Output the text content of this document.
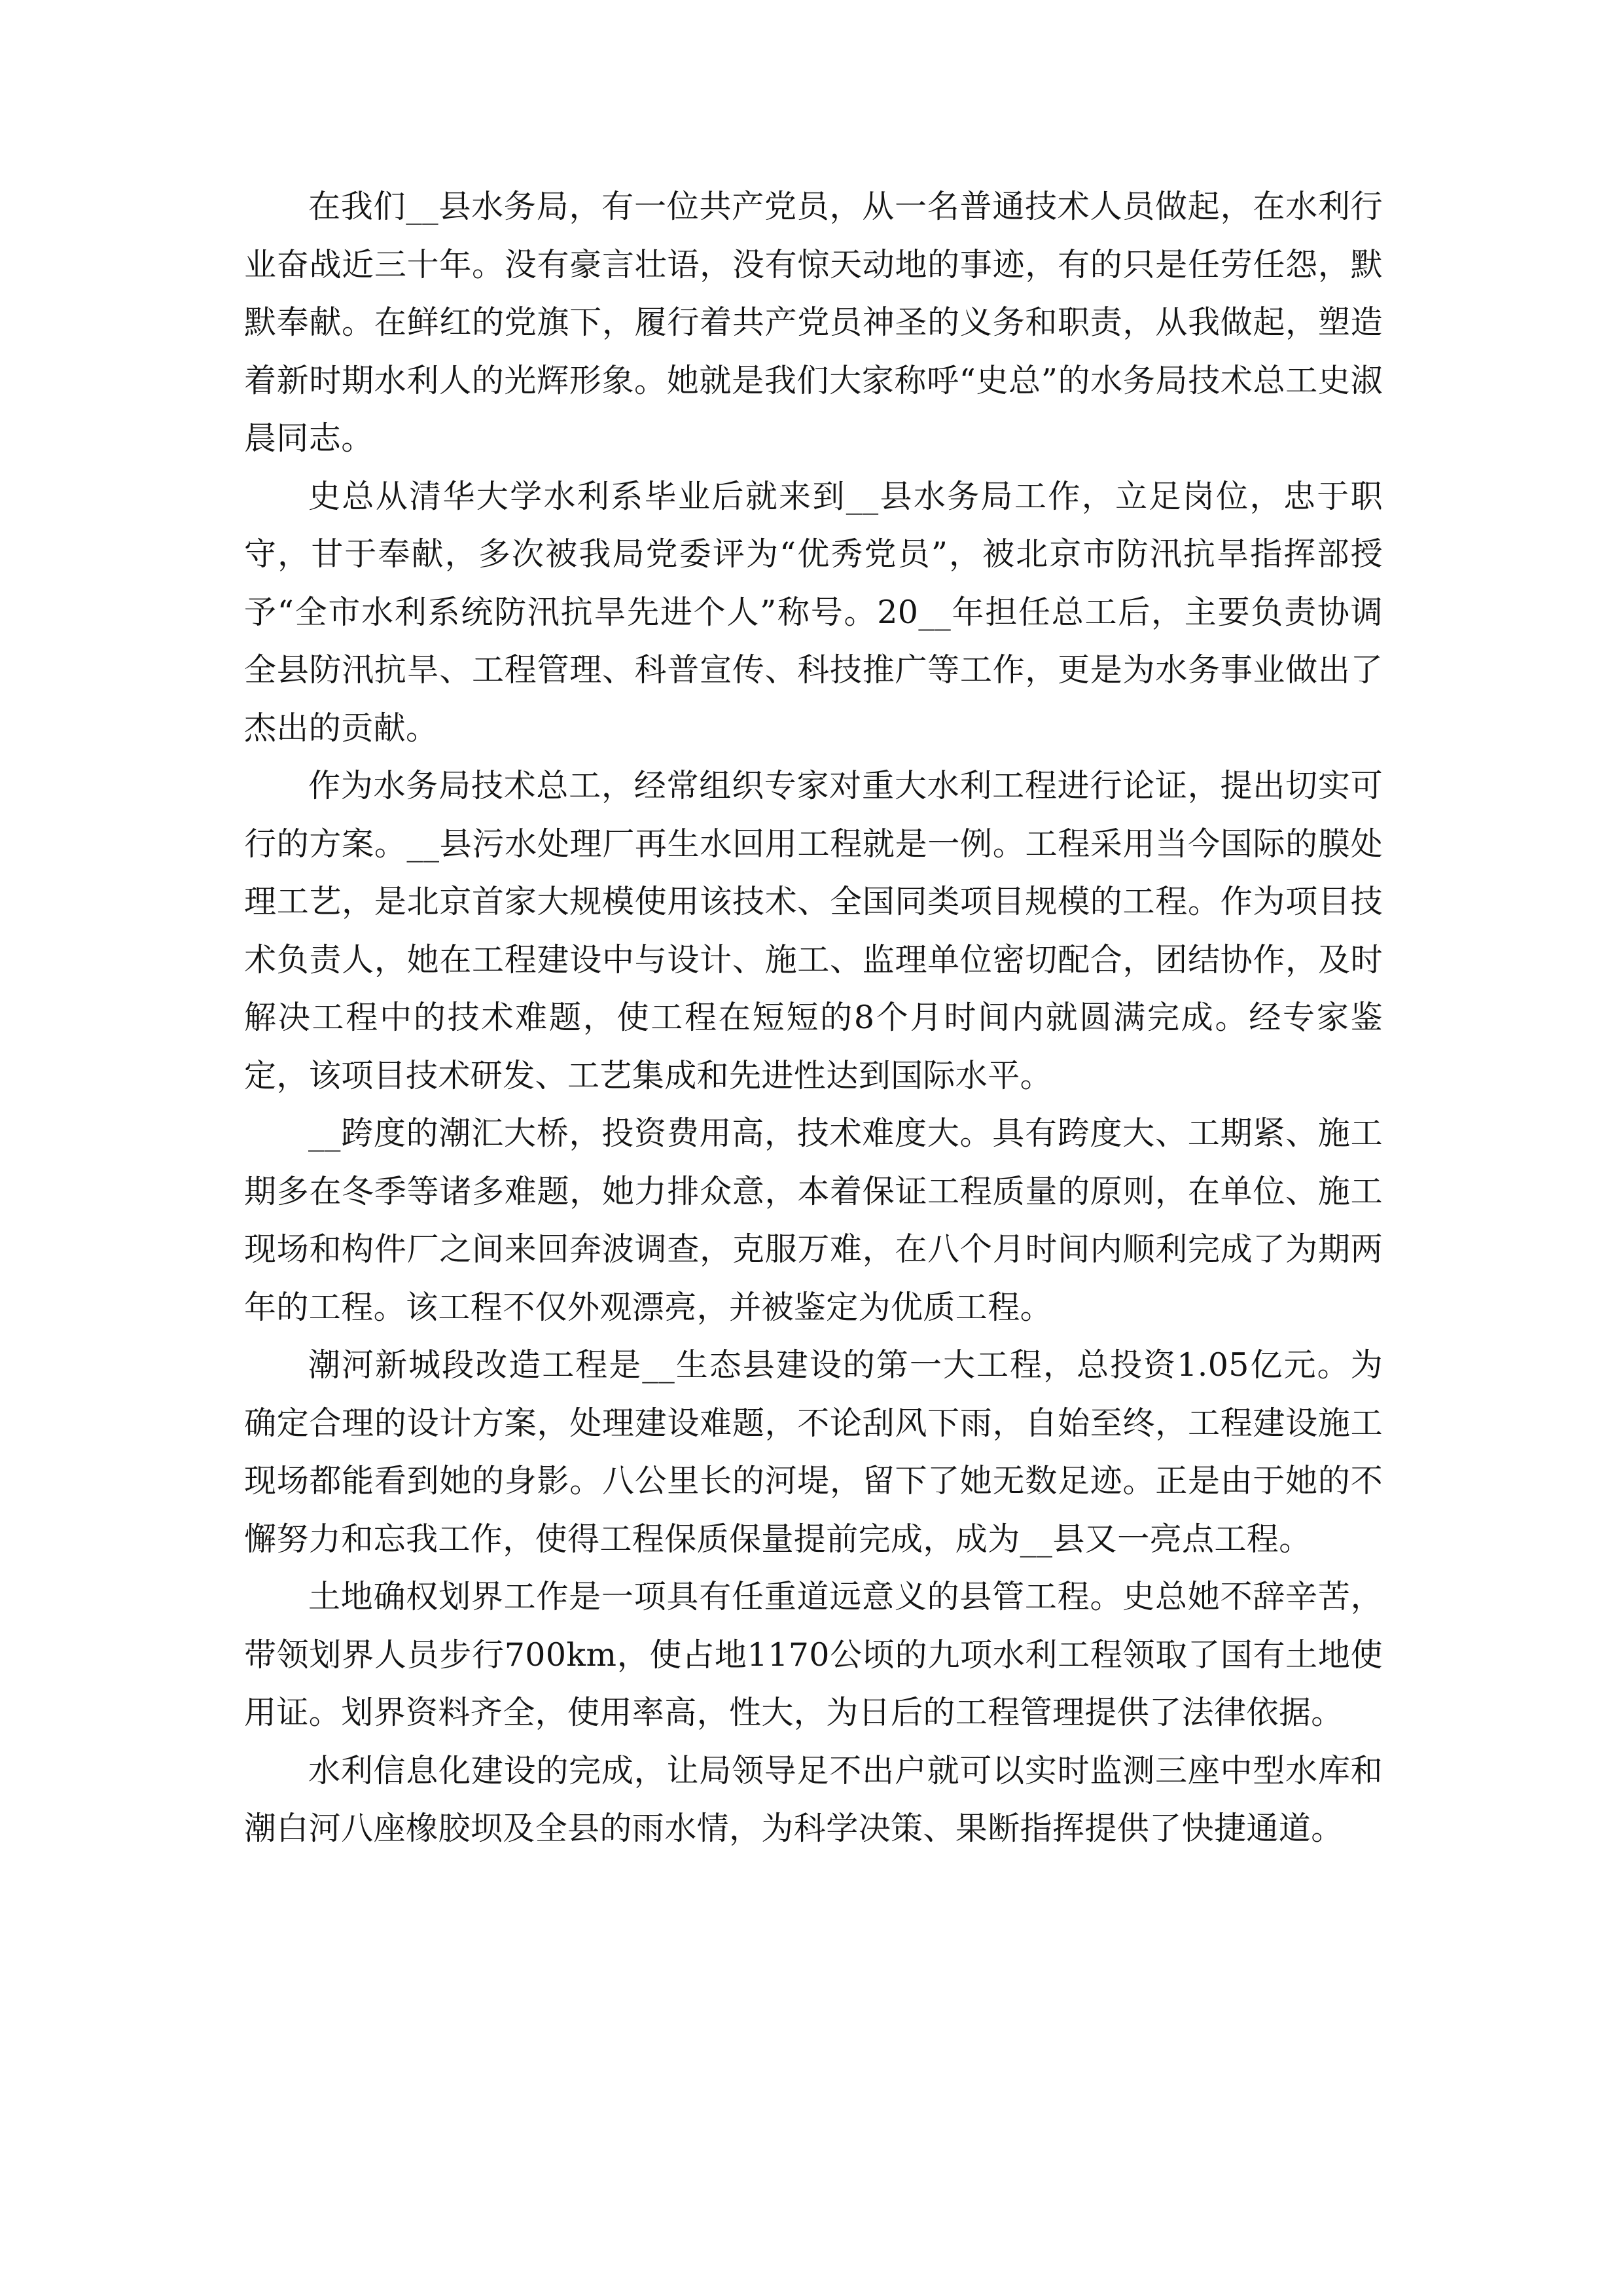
在我们__县水务局，有一位共产党员，从一名普通技术人员做起，在水利行业奋战近三十年。没有豪言壮语，没有惊天动地的事迹，有的只是任劳任怨，默默奉献。在鲜红的党旗下，履行着共产党员神圣的义务和职责，从我做起，塑造着新时期水利人的光辉形象。她就是我们大家称呼“史总”的水务局技术总工史淑晨同志。

史总从清华大学水利系毕业后就来到__县水务局工作，立足岗位，忠于职守，甘于奉献，多次被我局党委评为“优秀党员”，被北京市防汛抗旱指挥部授予“全市水利系统防汛抗旱先进个人”称号。20__年担任总工后，主要负责协调全县防汛抗旱、工程管理、科普宣传、科技推广等工作，更是为水务事业做出了杰出的贡献。

作为水务局技术总工，经常组织专家对重大水利工程进行论证，提出切实可行的方案。__县污水处理厂再生水回用工程就是一例。工程采用当今国际的膜处理工艺，是北京首家大规模使用该技术、全国同类项目规模的工程。作为项目技术负责人，她在工程建设中与设计、施工、监理单位密切配合，团结协作，及时解决工程中的技术难题，使工程在短短的8个月时间内就圆满完成。经专家鉴定，该项目技术研发、工艺集成和先进性达到国际水平。

__跨度的潮汇大桥，投资费用高，技术难度大。具有跨度大、工期紧、施工期多在冬季等诸多难题，她力排众意，本着保证工程质量的原则，在单位、施工现场和构件厂之间来回奔波调查，克服万难，在八个月时间内顺利完成了为期两年的工程。该工程不仅外观漂亮，并被鉴定为优质工程。

潮河新城段改造工程是__生态县建设的第一大工程，总投资1.05亿元。为确定合理的设计方案，处理建设难题，不论刮风下雨，自始至终，工程建设施工现场都能看到她的身影。八公里长的河堤，留下了她无数足迹。正是由于她的不懈努力和忘我工作，使得工程保质保量提前完成，成为__县又一亮点工程。

土地确权划界工作是一项具有任重道远意义的县管工程。史总她不辞辛苦，带领划界人员步行700km，使占地1170公顷的九项水利工程领取了国有土地使用证。划界资料齐全，使用率高，性大，为日后的工程管理提供了法律依据。

水利信息化建设的完成，让局领导足不出户就可以实时监测三座中型水库和潮白河八座橡胶坝及全县的雨水情，为科学决策、果断指挥提供了快捷通道。
